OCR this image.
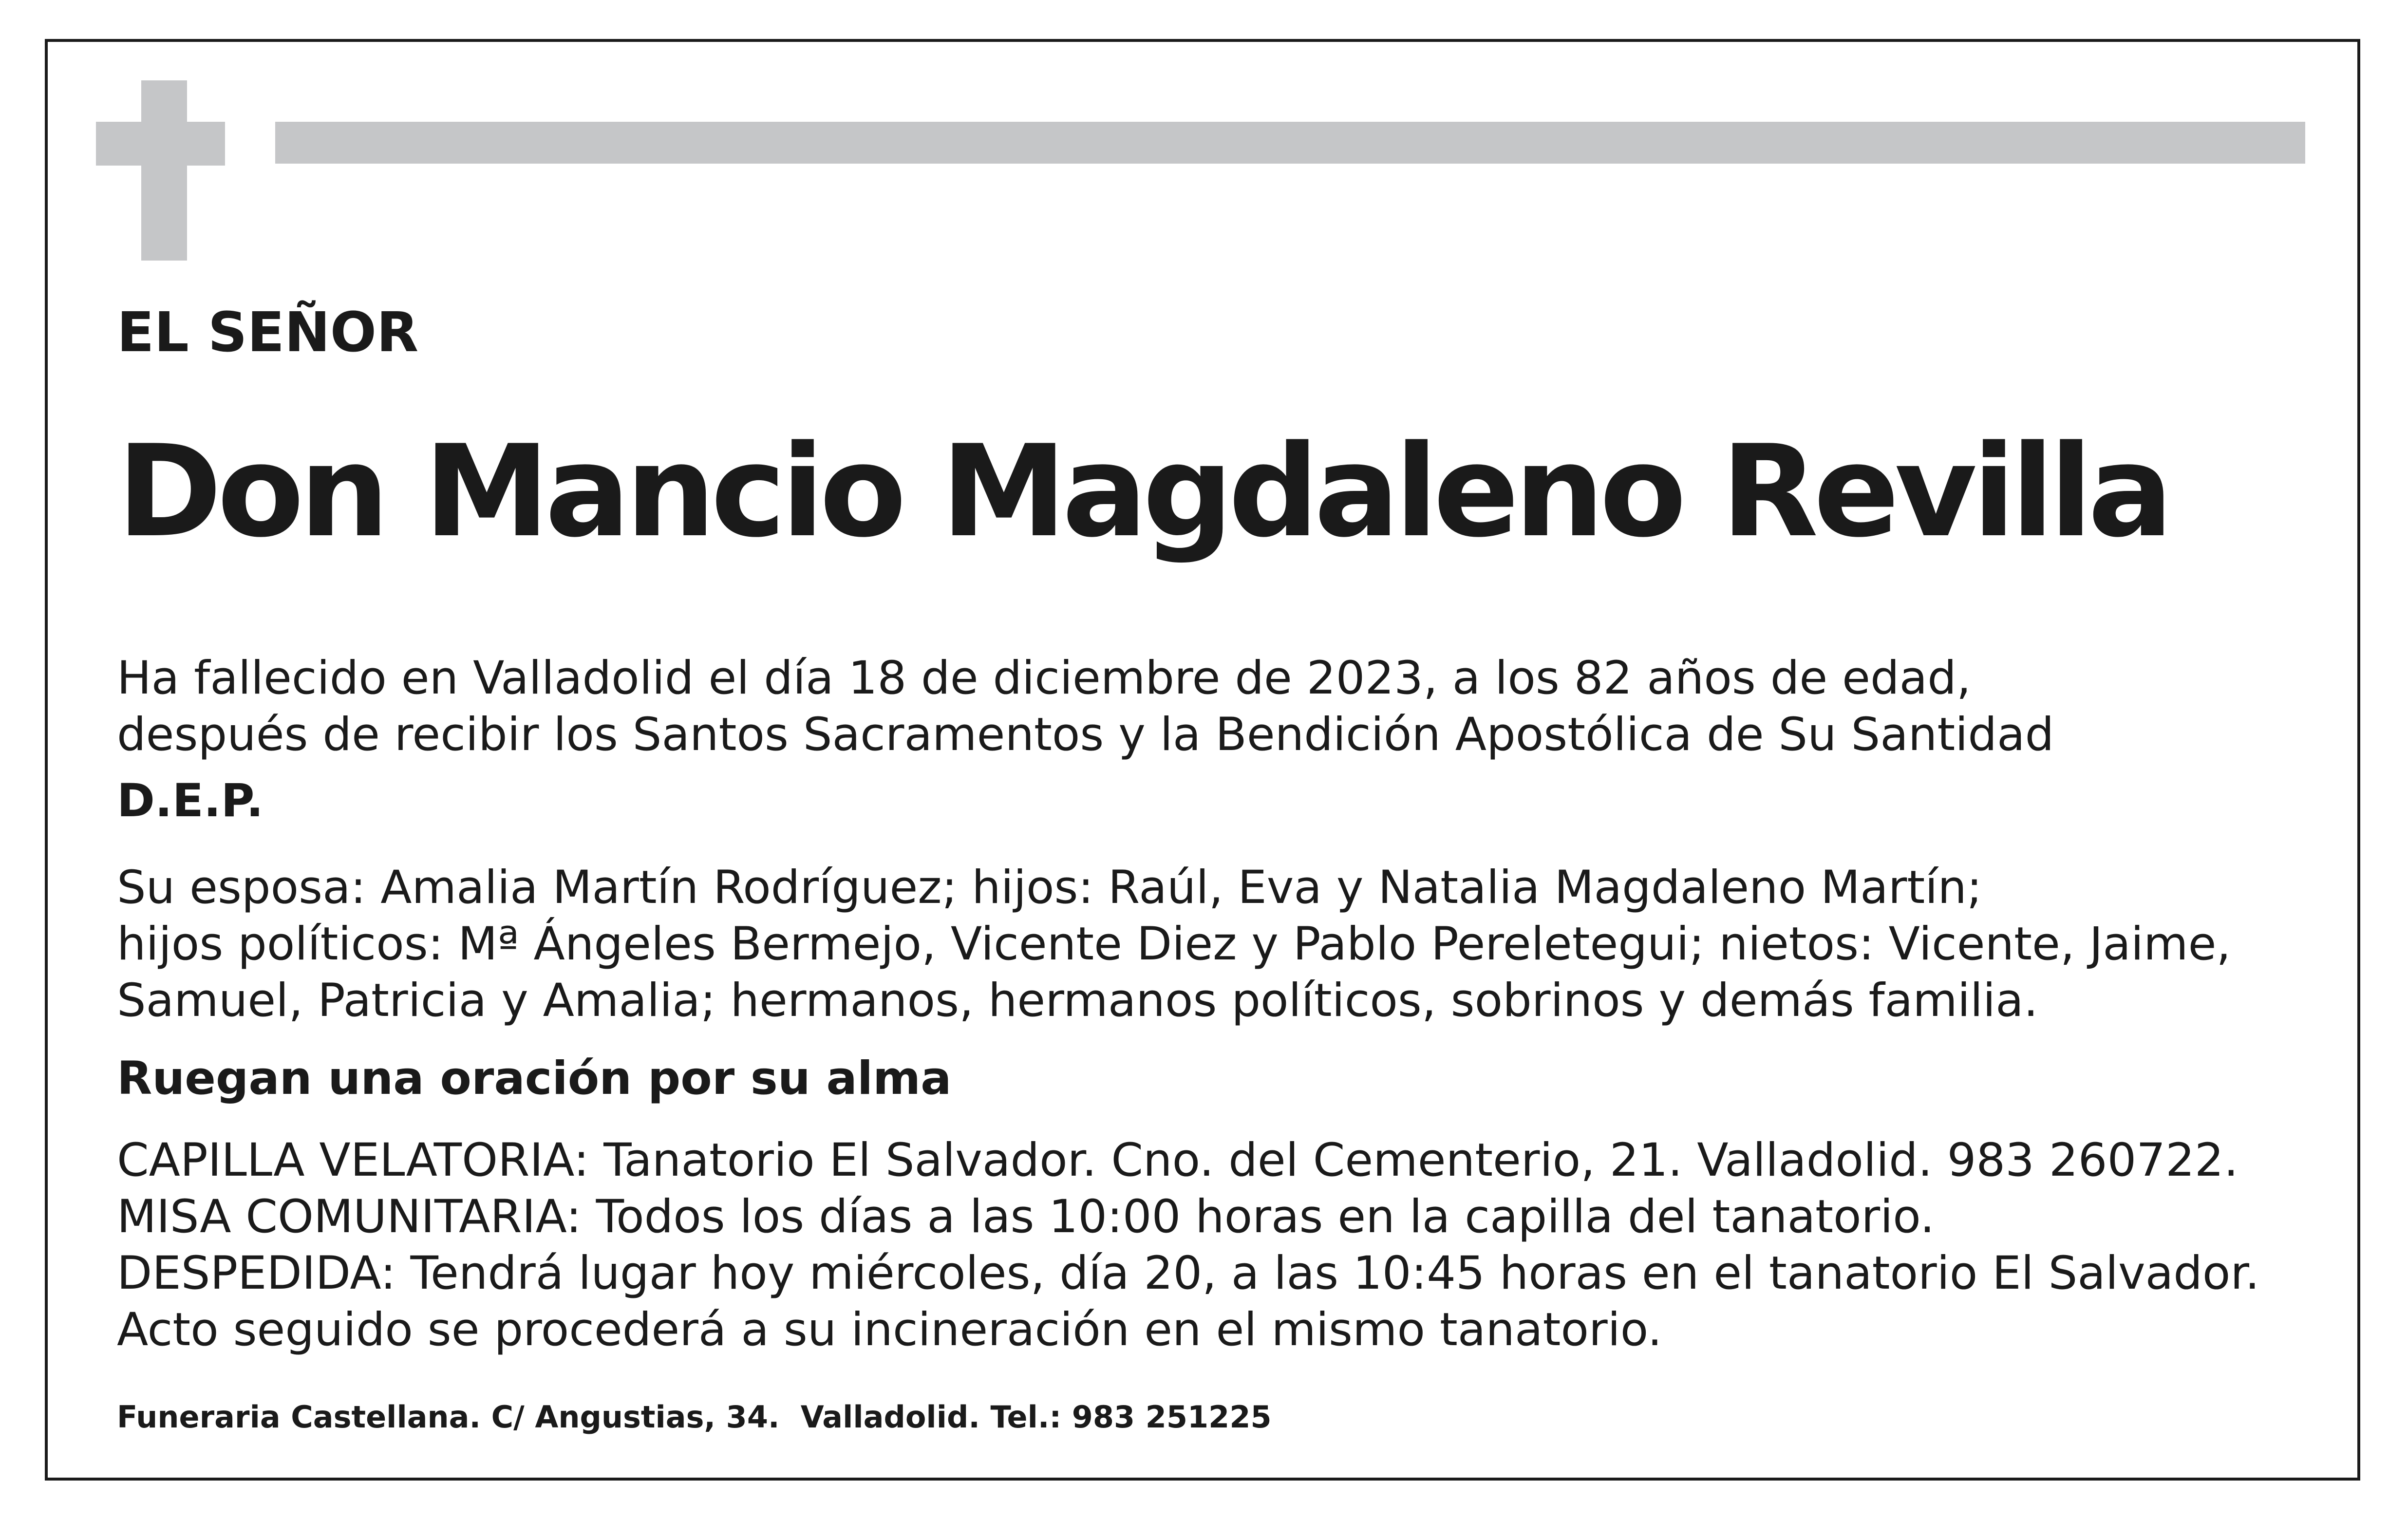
EL SEÑOR

Don Mancio Magdaleno Revilla

Ha fallecido en Valladolid el día 18 de diciembre de 2023, a los 82 años de edad,
después de recibir los Santos Sacramentos y la Bendición Apostólica de Su Santidad

D.E.P.

Su esposa: Amalia Martín Rodríguez; hijos: Raúl, Eva y Natalia Magdaleno Martín;
hijos políticos: Mª Ángeles Bermejo, Vicente Diez y Pablo Pereletegui; nietos: Vicente, Jaime,
Samuel, Patricia y Amalia; hermanos, hermanos políticos, sobrinos y demás familia.

Ruegan una oración por su alma

CAPILLA VELATORIA: Tanatorio El Salvador. Cno. del Cementerio, 21. Valladolid. 983 260722.
MISA COMUNITARIA: Todos los días a las 10:00 horas en la capilla del tanatorio.
DESPEDIDA: Tendrá lugar hoy miércoles, día 20, a las 10:45 horas en el tanatorio El Salvador.
Acto seguido se procederá a su incineración en el mismo tanatorio.

Funeraria Castellana. C/ Angustias, 34.  Valladolid. Tel.: 983 251225
